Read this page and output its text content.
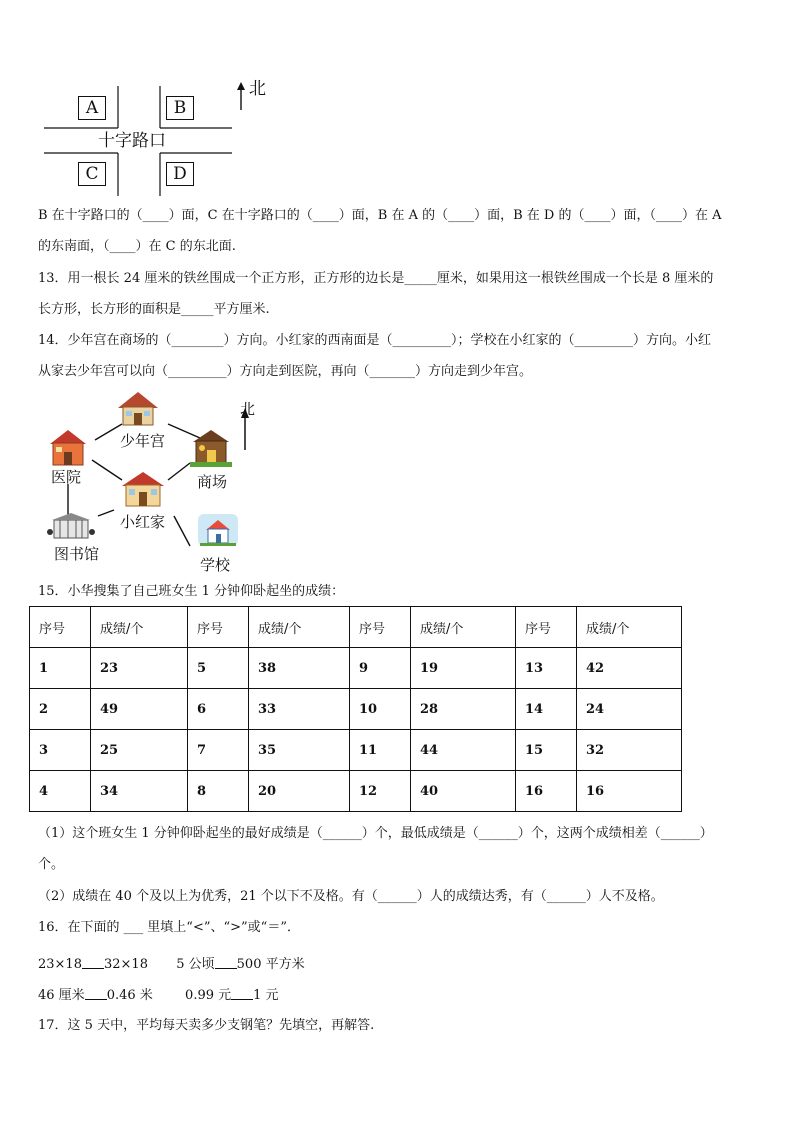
A	B
C	D
十字路口
北
B 在十字路口的（____）面，C 在十字路口的（____）面，B 在 A 的（____）面，B 在 D 的（____）面，（____）在 A
的东南面，（____）在 C 的东北面.
13．用一根长 24 厘米的铁丝围成一个正方形，正方形的边长是_____厘米，如果用这一根铁丝围成一个长是 8 厘米的
长方形，长方形的面积是_____平方厘米.
14．少年宫在商场的（________）方向。小红家的西南面是（_________）；学校在小红家的（_________）方向。小红
从家去少年宫可以向（_________）方向走到医院，再向（_______）方向走到少年宫。
少年宫
医院	商场
小红家
图书馆
学校
北
15．小华搜集了自己班女生 1 分钟仰卧起坐的成绩：
序号	成绩/个	序号	成绩/个	序号	成绩/个	序号	成绩/个
1	23	5	38	9	19	13	42
2	49	6	33	10	28	14	24
3	25	7	35	11	44	15	32
4	34	8	20	12	40	16	16
（1）这个班女生 1 分钟仰卧起坐的最好成绩是（______）个，最低成绩是（______）个，这两个成绩相差（______）
个。
（2）成绩在 40 个及以上为优秀，21 个以下不及格。有（______）人的成绩达秀，有（______）人不及格。
16．在下面的 ___ 里填上“<”、“>”或“＝”．
23×18 32×18 5 公顷 500 平方米
46 厘米 0.46 米 0.99 元 1 元
17．这 5 天中，平均每天卖多少支钢笔？先填空，再解答.
